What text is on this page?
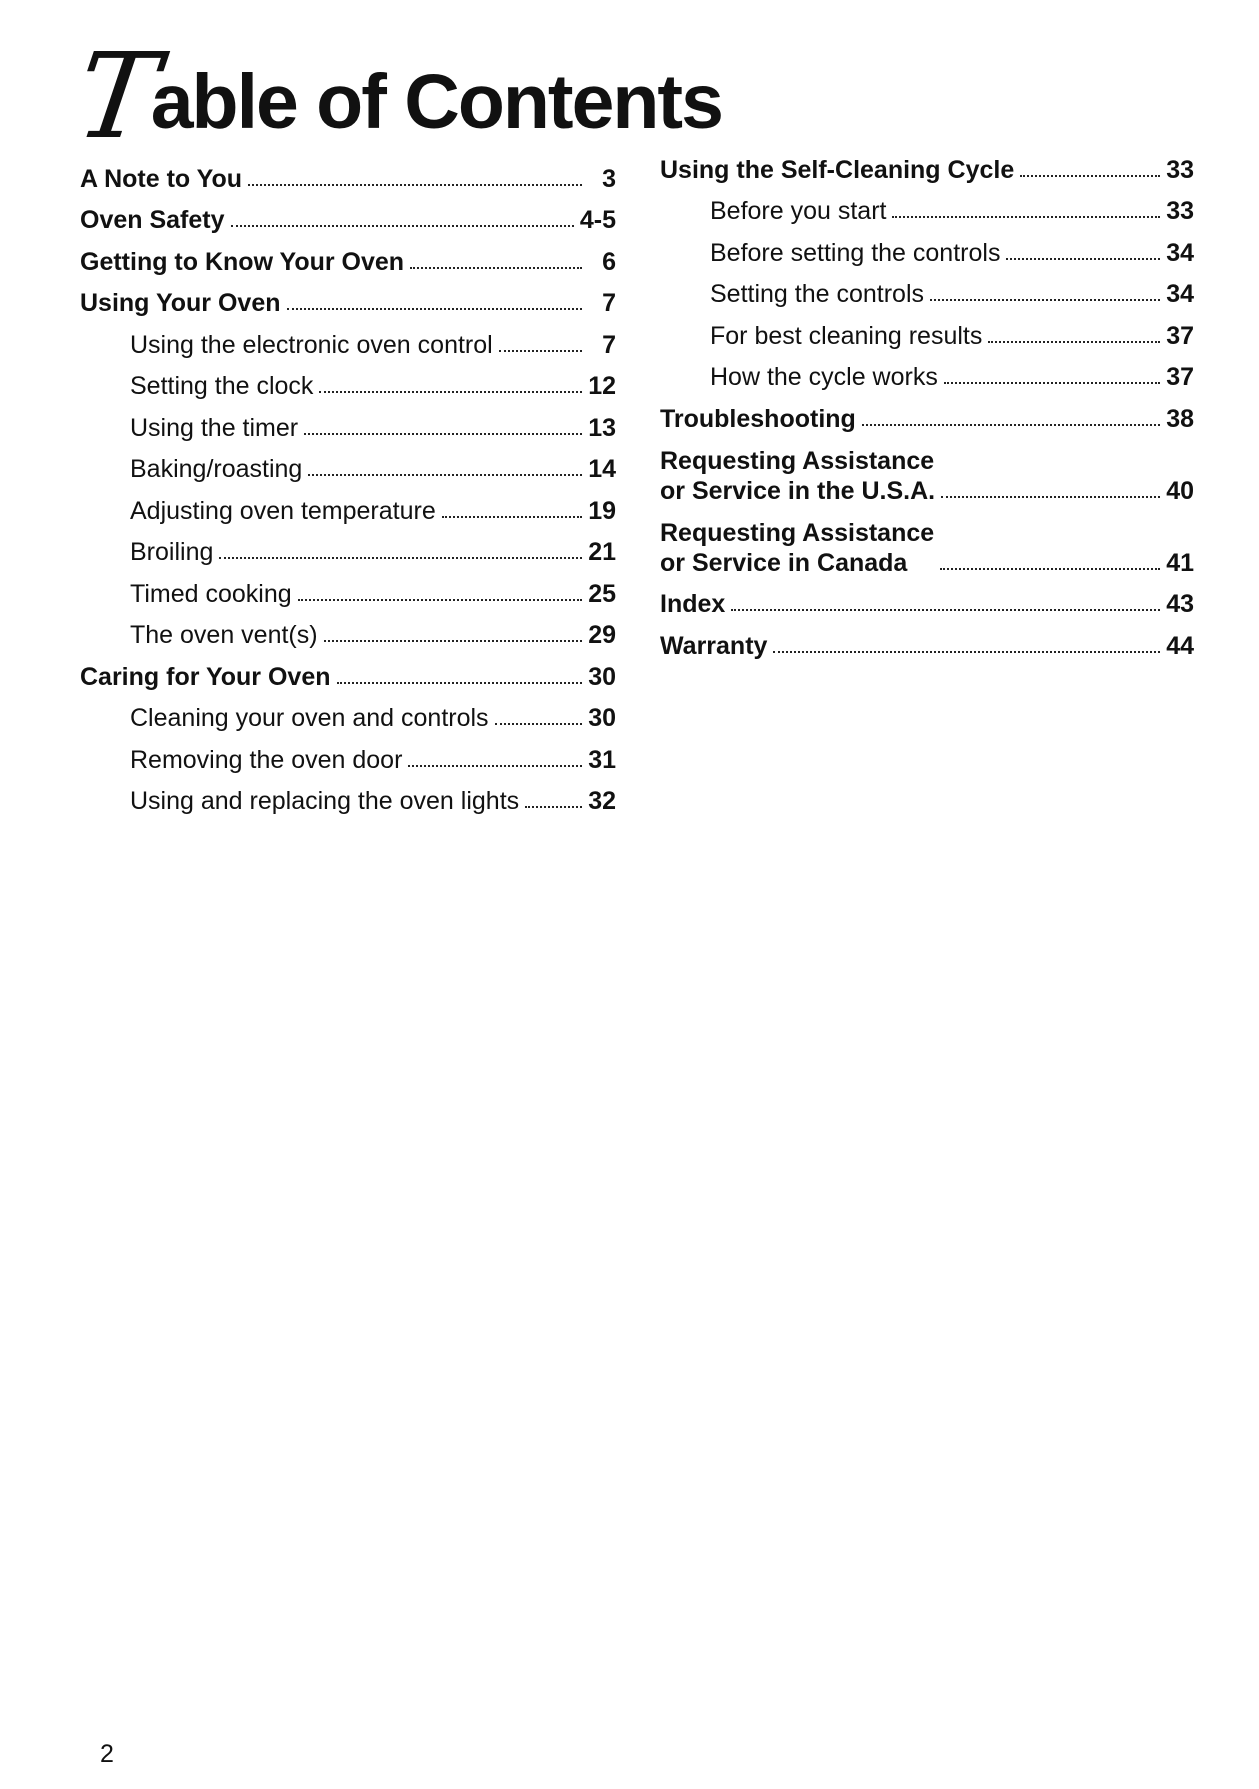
T
able of Contents
A Note to You	3
Oven Safety	4-5
Getting to Know Your Oven	6
Using Your Oven	7
Using the electronic oven control	7
Setting the clock	12
Using the timer	13
Baking/roasting	14
Adjusting oven temperature	19
Broiling	21
Timed cooking	25
The oven vent(s)	29
Caring for Your Oven	30
Cleaning your oven and controls	30
Removing the oven door	31
Using and replacing the oven lights	32
Using the Self-Cleaning Cycle	33
Before you start	33
Before setting the controls	34
Setting the controls	34
For best cleaning results	37
How the cycle works	37
Troubleshooting	38
Requesting Assistance
or Service in the U.S.A.	40
Requesting Assistance
or Service in Canada	41
Index	43
Warranty	44
2
